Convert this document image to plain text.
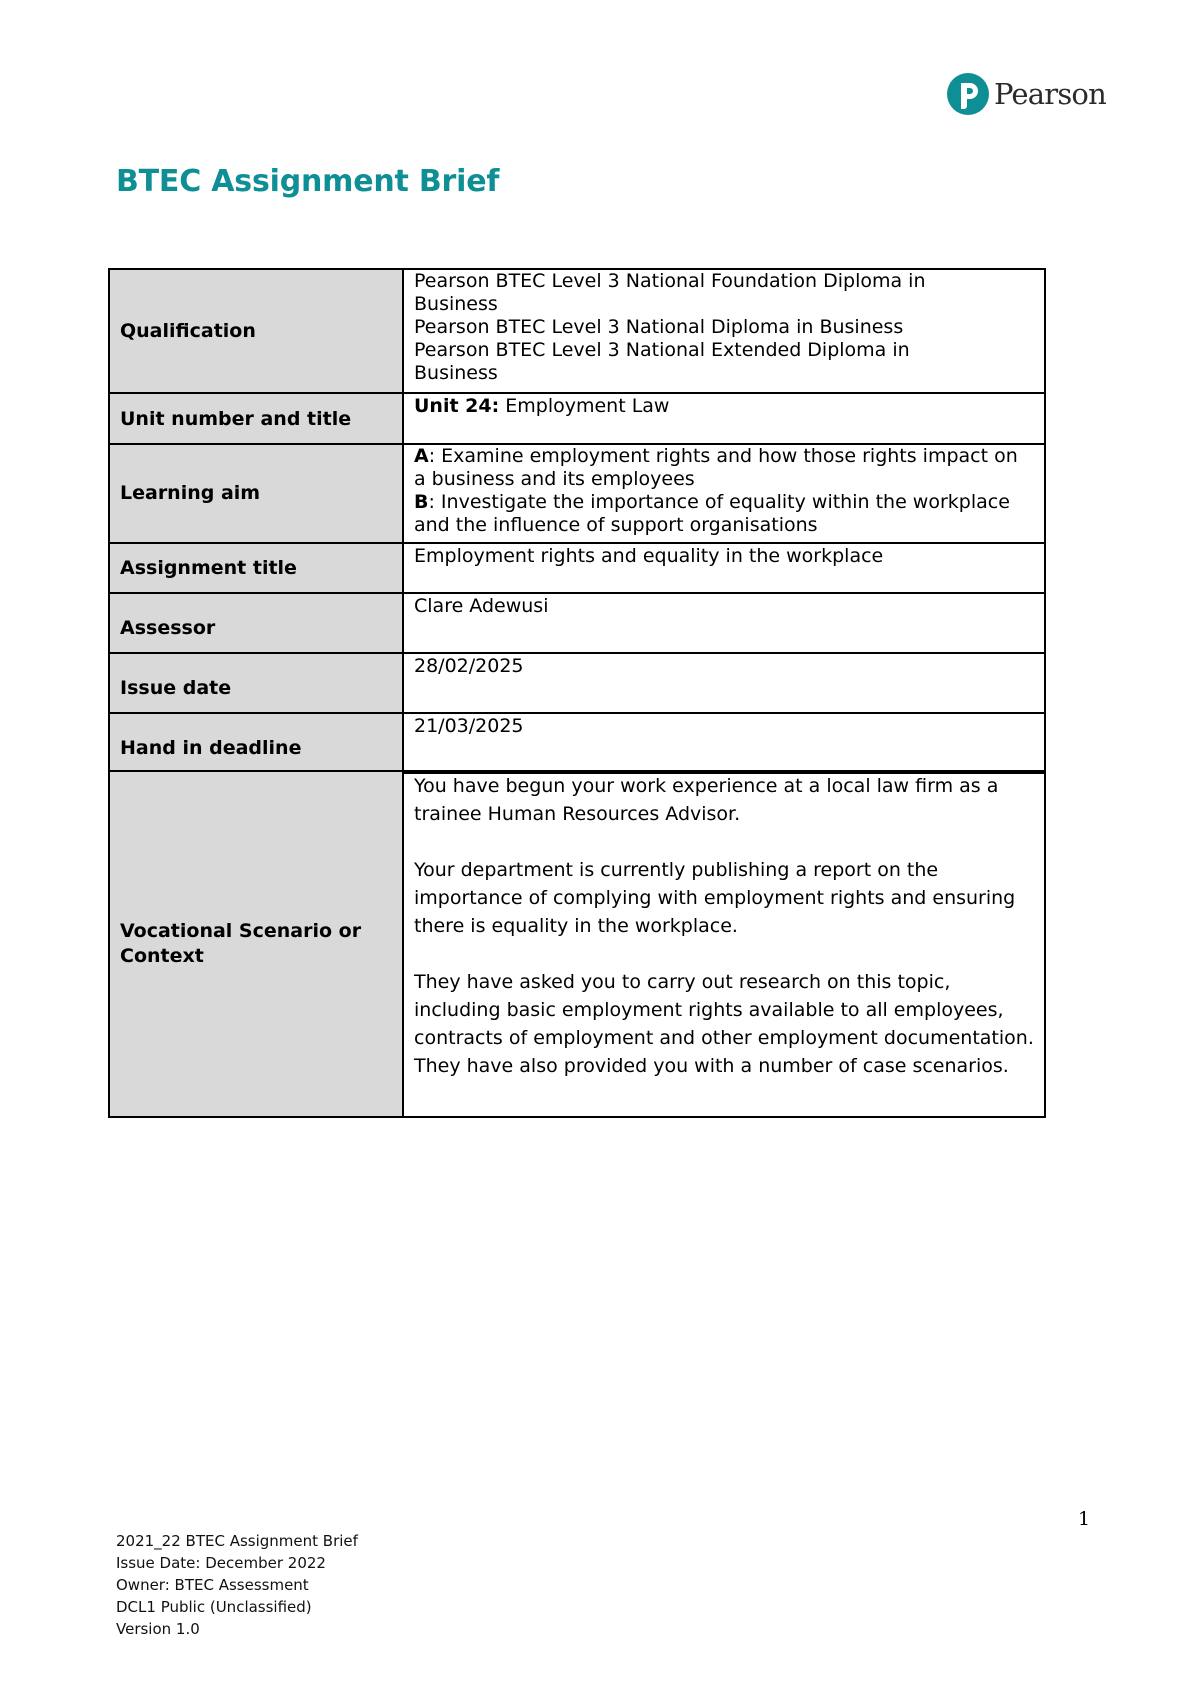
Pearson
BTEC Assignment Brief
Qualification	Pearson BTEC Level 3 National Foundation Diploma in
Business
Pearson BTEC Level 3 National Diploma in Business
Pearson BTEC Level 3 National Extended Diploma in
Business

Unit number and title	Unit 24: Employment Law
Learning aim	A: Examine employment rights and how those rights impact on a business and its employees
B: Investigate the importance of equality within the workplace and the influence of support organisations

Assignment title	Employment rights and equality in the workplace
Assessor	Clare Adewusi
Issue date	28/02/2025
Hand in deadline	21/03/2025
Vocational Scenario or Context	

You have begun your work experience at a local law firm as a trainee Human Resources Advisor.

Your department is currently publishing a report on the importance of complying with employment rights and ensuring there is equality in the workplace.

They have asked you to carry out research on this topic, including basic employment rights available to all employees, contracts of employment and other employment documentation. They have also provided you with a number of case scenarios.

1
2021_22 BTEC Assignment Brief
Issue Date: December 2022
Owner: BTEC Assessment
DCL1 Public (Unclassified)
Version 1.0
